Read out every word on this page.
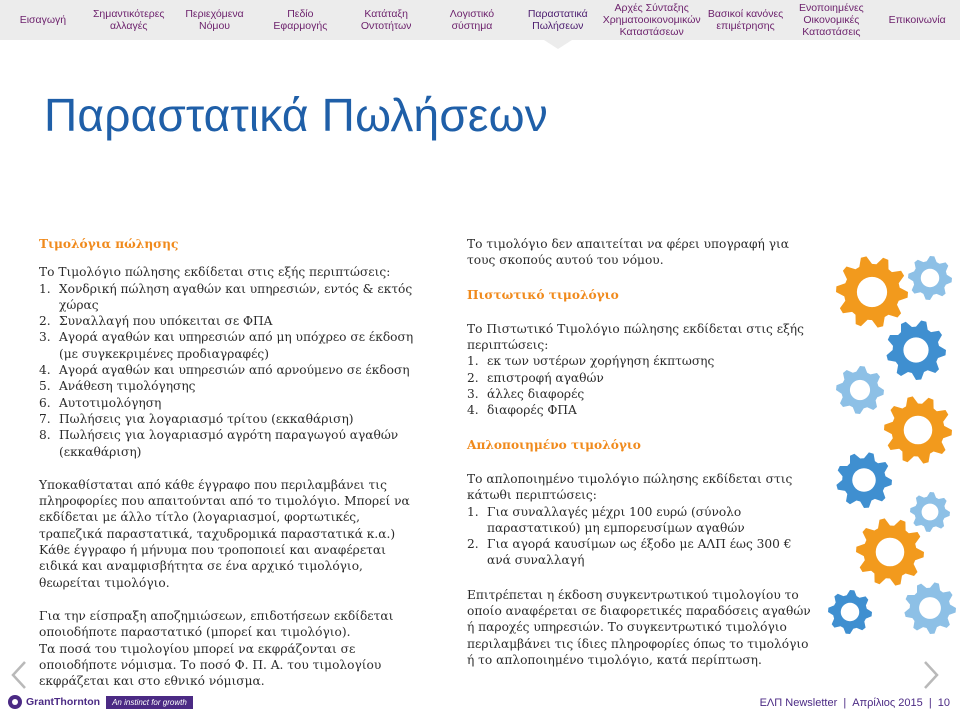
Εισαγωγή	Σημαντικότερες αλλαγές
Περιεχόμενα Νόμου
Πεδίο Εφαρμογής
Κατάταξη Οντοτήτων
Λογιστικό σύστημα
Παραστατικά Πωλήσεων
Αρχές Σύνταξης Χρηματοοικονομικών Καταστάσεων
Βασικοί κανόνες επιμέτρησης
Ενοποιημένες Οικονομικές Καταστάσεις
Επικοινωνία
Παραστατικά Πωλήσεων

Τιμολόγια πώλησης

Το Τιμολόγιο πώλησης εκδίδεται στις εξής περιπτώσεις:

1. Χονδρική πώληση αγαθών και υπηρεσιών, εντός & εκτός χώρας
2. Συναλλαγή που υπόκειται σε ΦΠΑ
3. Αγορά αγαθών και υπηρεσιών από μη υπόχρεο σε έκδοση (με συγκεκριμένες προδιαγραφές)
4. Αγορά αγαθών και υπηρεσιών από αρνούμενο σε έκδοση
5. Ανάθεση τιμολόγησης
6. Αυτοτιμολόγηση
7. Πωλήσεις για λογαριασμό τρίτου (εκκαθάριση)
8. Πωλήσεις για λογαριασμό αγρότη παραγωγού αγαθών (εκκαθάριση)

Υποκαθίσταται από κάθε έγγραφο που περιλαμβάνει τις πληροφορίες που απαιτούνται από το τιμολόγιο. Μπορεί να εκδίδεται με άλλο τίτλο (λογαριασμοί, φορτωτικές, τραπεζικά παραστατικά, ταχυδρομικά παραστατικά κ.α.)

Κάθε έγγραφο ή μήνυμα που τροποποιεί και αναφέρεται ειδικά και αναμφισβήτητα σε ένα αρχικό τιμολόγιο, θεωρείται τιμολόγιο.

Για την είσπραξη αποζημιώσεων, επιδοτήσεων εκδίδεται οποιοδήποτε παραστατικό (μπορεί και τιμολόγιο).

Τα ποσά του τιμολογίου μπορεί να εκφράζονται σε οποιοδήποτε νόμισμα. Το ποσό Φ. Π. Α. του τιμολογίου εκφράζεται και στο εθνικό νόμισμα.

Το τιμολόγιο δεν απαιτείται να φέρει υπογραφή για τους σκοπούς αυτού του νόμου.

Πιστωτικό τιμολόγιο

Το Πιστωτικό Τιμολόγιο πώλησης εκδίδεται στις εξής περιπτώσεις:

1. εκ των υστέρων χορήγηση έκπτωσης
2. επιστροφή αγαθών
3. άλλες διαφορές
4. διαφορές ΦΠΑ

Απλοποιημένο τιμολόγιο

Το απλοποιημένο τιμολόγιο πώλησης εκδίδεται στις κάτωθι περιπτώσεις:

1. Για συναλλαγές μέχρι 100 ευρώ (σύνολο παραστατικού) μη εμπορευσίμων αγαθών
2. Για αγορά καυσίμων ως έξοδο με ΑΛΠ έως 300 € ανά συναλλαγή

Επιτρέπεται η έκδοση συγκεντρωτικού τιμολογίου το οποίο αναφέρεται σε διαφορετικές παραδόσεις αγαθών ή παροχές υπηρεσιών. Το συγκεντρωτικό τιμολόγιο περιλαμβάνει τις ίδιες πληροφορίες όπως το τιμολόγιο ή το απλοποιημένο τιμολόγιο, κατά περίπτωση.

GrantThornton	An instinct for growth	ΕΛΠ Newsletter | Απρίλιος 2015 | 10
